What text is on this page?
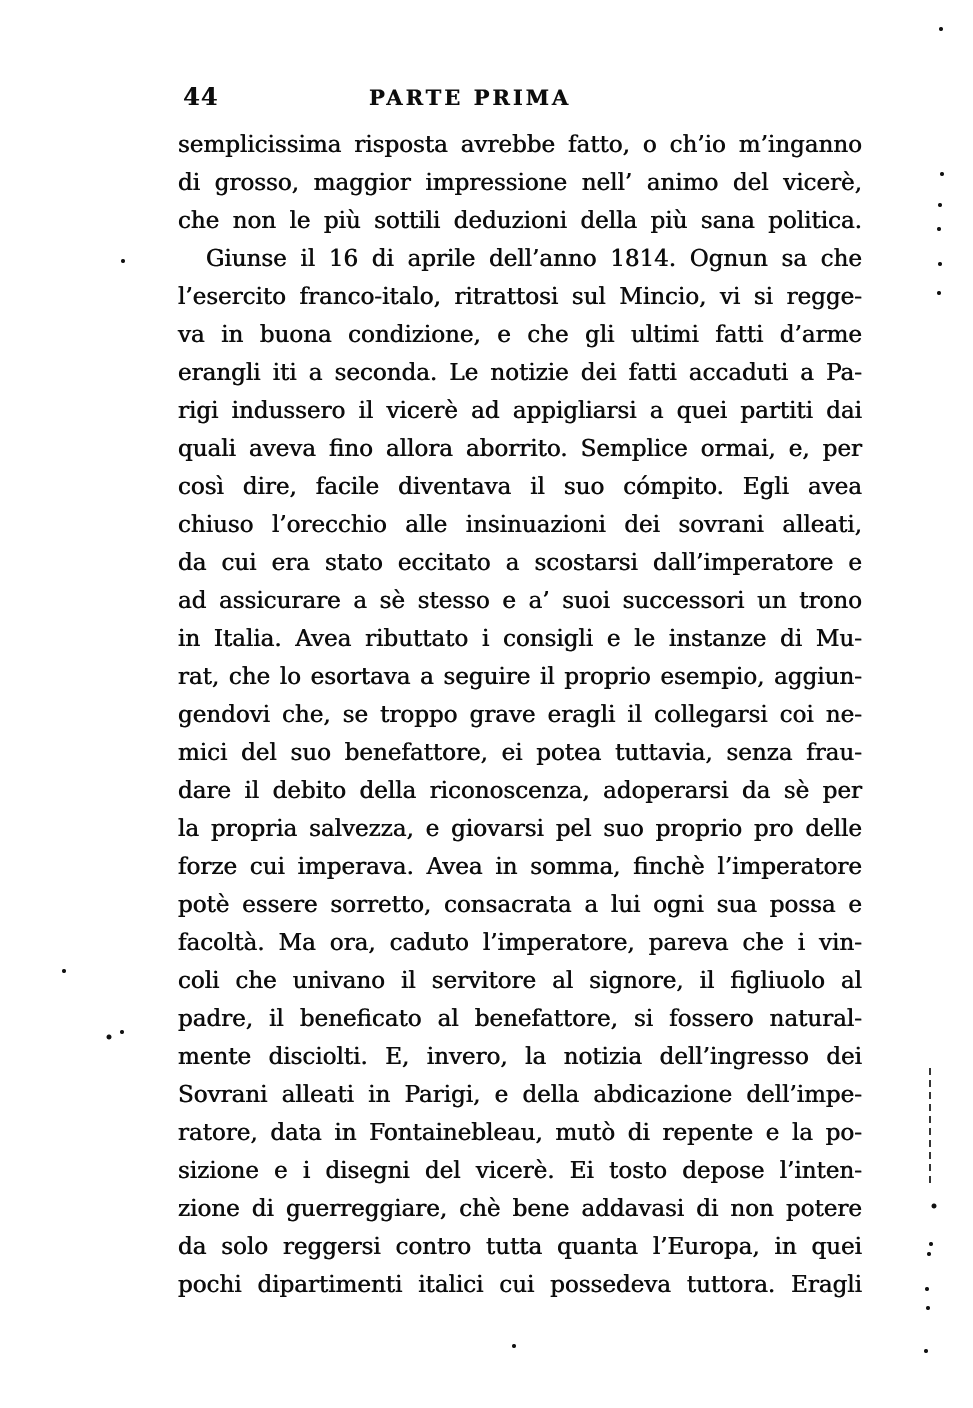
44	PARTE PRIMA
semplicissima risposta avrebbe fatto, o ch’io m’inganno
di grosso, maggior impressione nell’ animo del vicerè,
che non le più sottili deduzioni della più sana politica.
Giunse il 16 di aprile dell’anno 1814. Ognun sa che
l’esercito franco-italo, ritrattosi sul Mincio, vi si regge-
va in buona condizione, e che gli ultimi fatti d’arme
erangli iti a seconda. Le notizie dei fatti accaduti a Pa-
rigi indussero il vicerè ad appigliarsi a quei partiti dai
quali aveva fino allora aborrito. Semplice ormai, e, per
così dire, facile diventava il suo cómpito. Egli avea
chiuso l’orecchio alle insinuazioni dei sovrani alleati,
da cui era stato eccitato a scostarsi dall’imperatore e
ad assicurare a sè stesso e a’ suoi successori un trono
in Italia. Avea ributtato i consigli e le instanze di Mu-
rat, che lo esortava a seguire il proprio esempio, aggiun-
gendovi che, se troppo grave eragli il collegarsi coi ne-
mici del suo benefattore, ei potea tuttavia, senza frau-
dare il debito della riconoscenza, adoperarsi da sè per
la propria salvezza, e giovarsi pel suo proprio pro delle
forze cui imperava. Avea in somma, finchè l’imperatore
potè essere sorretto, consacrata a lui ogni sua possa e
facoltà. Ma ora, caduto l’imperatore, pareva che i vin-
coli che univano il servitore al signore, il figliuolo al
padre, il beneficato al benefattore, si fossero natural-
mente disciolti. E, invero, la notizia dell’ingresso dei
Sovrani alleati in Parigi, e della abdicazione dell’impe-
ratore, data in Fontainebleau, mutò di repente e la po-
sizione e i disegni del vicerè. Ei tosto depose l’inten-
zione di guerreggiare, chè bene addavasi di non potere
da solo reggersi contro tutta quanta l’Europa, in quei
pochi dipartimenti italici cui possedeva tuttora. Eragli
